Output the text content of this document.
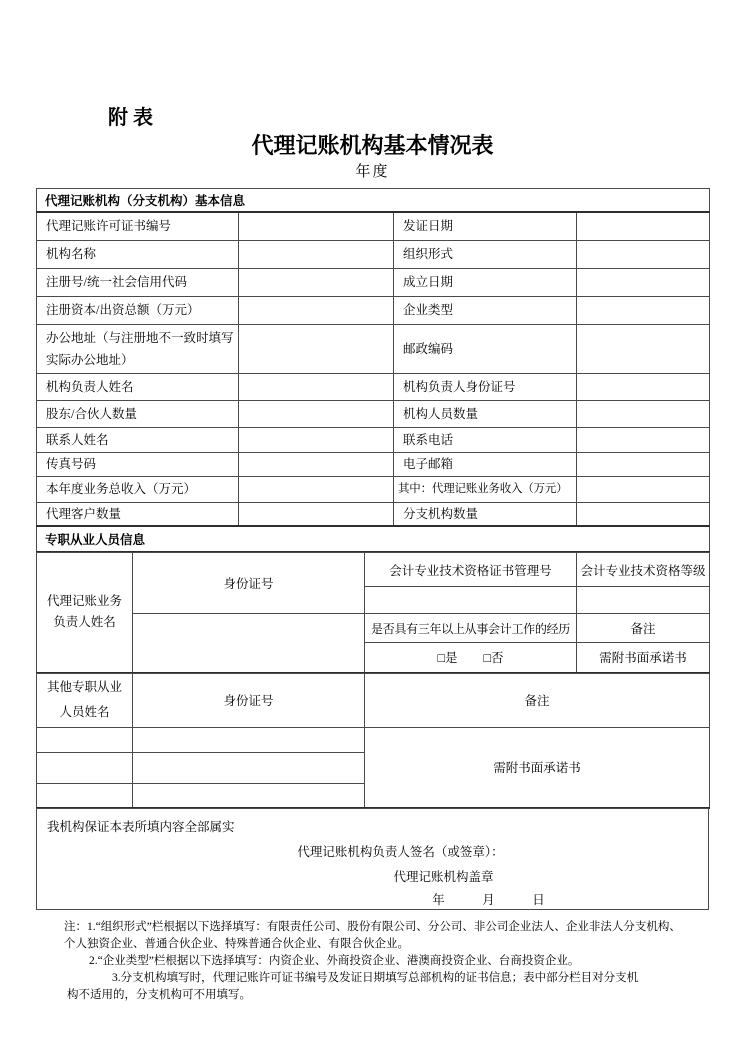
附表
代理记账机构基本情况表
年度
代理记账机构（分支机构）基本信息			
代理记账许可证书编号		发证日期	
机构名称		组织形式	
注册号/统一社会信用代码		成立日期	
注册资本/出资总额（万元）		企业类型	
办公地址（与注册地不一致时填写实际办公地址）		邮政编码	
机构负责人姓名		机构负责人身份证号	
股东/合伙人数量		机构人员数量	
联系人姓名		联系电话	
传真号码		电子邮箱	
本年度业务总收入（万元）		其中：代理记账业务收入（万元）	
代理客户数量		分支机构数量	
专职从业人员信息			
代理记账业务负责人姓名	身份证号	会计专业技术资格证书管理号	会计专业技术资格等级

		是否具有三年以上从事会计工作的经历	备注
		□是 □否	需附书面承诺书
其他专职从业人员姓名	身份证号	备注
		需附书面承诺书

我机构保证本表所填内容全部属实
代理记账机构负责人签名（或签章）：
代理记账机构盖章
年　　　月　　　日
注：1.“组织形式”栏根据以下选择填写：有限责任公司、股份有限公司、分公司、非公司企业法人、企业非法人分支机构、
个人独资企业、普通合伙企业、特殊普通合伙企业、有限合伙企业。
2.“企业类型”栏根据以下选择填写：内资企业、外商投资企业、港澳商投资企业、台商投资企业。
3.分支机构填写时，代理记账许可证书编号及发证日期填写总部机构的证书信息；表中部分栏目对分支机
构不适用的，分支机构可不用填写。
